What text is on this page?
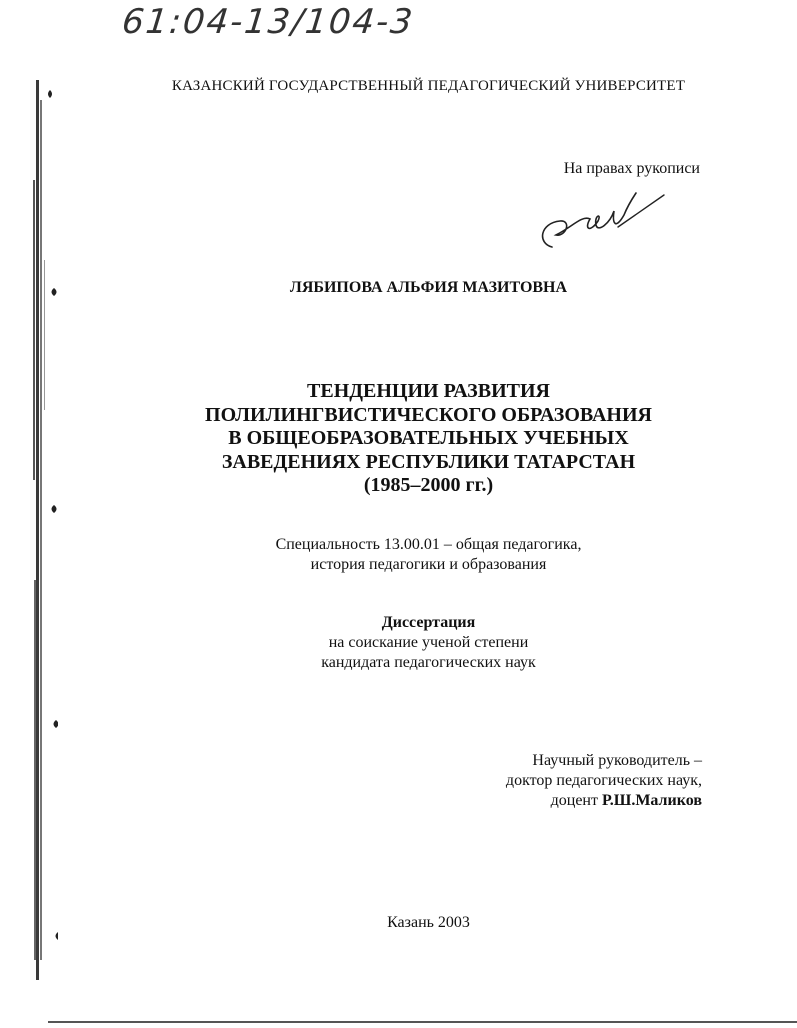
61:04-13/104-3
КАЗАНСКИЙ ГОСУДАРСТВЕННЫЙ ПЕДАГОГИЧЕСКИЙ УНИВЕРСИТЕТ
На правах рукописи
ЛЯБИПОВА АЛЬФИЯ МАЗИТОВНА
ТЕНДЕНЦИИ РАЗВИТИЯ
ПОЛИЛИНГВИСТИЧЕСКОГО ОБРАЗОВАНИЯ
В ОБЩЕОБРАЗОВАТЕЛЬНЫХ УЧЕБНЫХ
ЗАВЕДЕНИЯХ РЕСПУБЛИКИ ТАТАРСТАН
(1985–2000 гг.)
Специальность 13.00.01 – общая педагогика,
история педагогики и образования
Диссертация
на соискание ученой степени
кандидата педагогических наук
Научный руководитель –
доктор педагогических наук,
доцент Р.Ш.Маликов
Казань 2003
